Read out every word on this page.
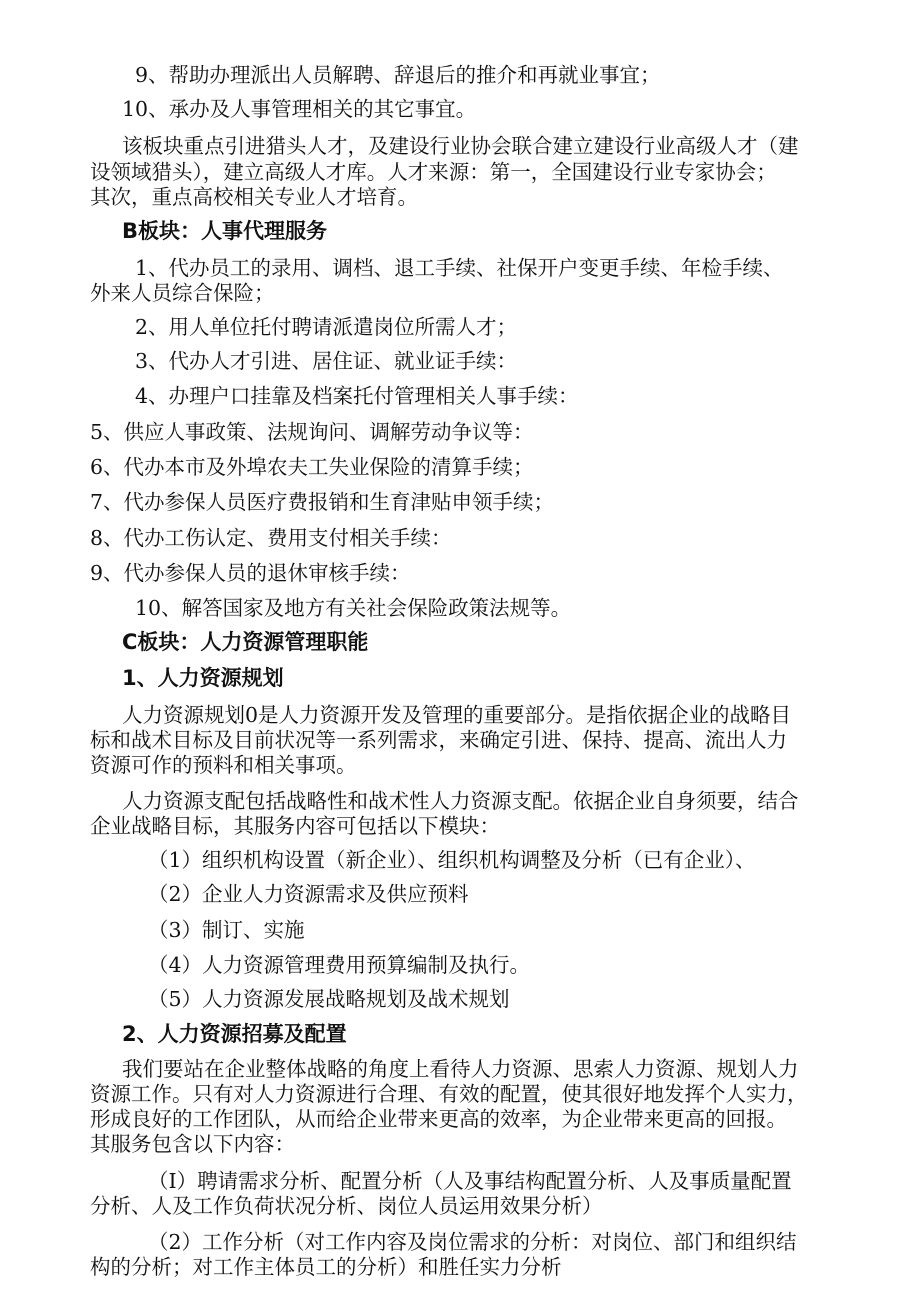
9、帮助办理派出人员解聘、辞退后的推介和再就业事宜；
10、承办及人事管理相关的其它事宜。
该板块重点引进猎头人才，及建设行业协会联合建立建设行业高级人才（建
设领域猎头），建立高级人才库。人才来源：第一，全国建设行业专家协会；
其次，重点高校相关专业人才培育。
B板块：人事代理服务
1、代办员工的录用、调档、退工手续、社保开户变更手续、年检手续、
外来人员综合保险；
2、用人单位托付聘请派遣岗位所需人才；
3、代办人才引进、居住证、就业证手续：
4、办理户口挂靠及档案托付管理相关人事手续：
5、供应人事政策、法规询问、调解劳动争议等：
6、代办本市及外埠农夫工失业保险的清算手续；
7、代办参保人员医疗费报销和生育津贴申领手续；
8、代办工伤认定、费用支付相关手续：
9、代办参保人员的退休审核手续：
10、解答国家及地方有关社会保险政策法规等。
C板块：人力资源管理职能
1、人力资源规划
人力资源规划0是人力资源开发及管理的重要部分。是指依据企业的战略目
标和战术目标及目前状况等一系列需求，来确定引进、保持、提高、流出人力
资源可作的预料和相关事项。
人力资源支配包括战略性和战术性人力资源支配。依据企业自身须要，结合
企业战略目标，其服务内容可包括以下模块：
（1）组织机构设置（新企业）、组织机构调整及分析（已有企业）、
（2）企业人力资源需求及供应预料
（3）制订、实施
（4）人力资源管理费用预算编制及执行。
（5）人力资源发展战略规划及战术规划
2、人力资源招募及配置
我们要站在企业整体战略的角度上看待人力资源、思索人力资源、规划人力
资源工作。只有对人力资源进行合理、有效的配置，使其很好地发挥个人实力，
形成良好的工作团队，从而给企业带来更高的效率，为企业带来更高的回报。
其服务包含以下内容：
（I）聘请需求分析、配置分析（人及事结构配置分析、人及事质量配置
分析、人及工作负荷状况分析、岗位人员运用效果分析）
（2）工作分析（对工作内容及岗位需求的分析：对岗位、部门和组织结
构的分析；对工作主体员工的分析）和胜任实力分析
